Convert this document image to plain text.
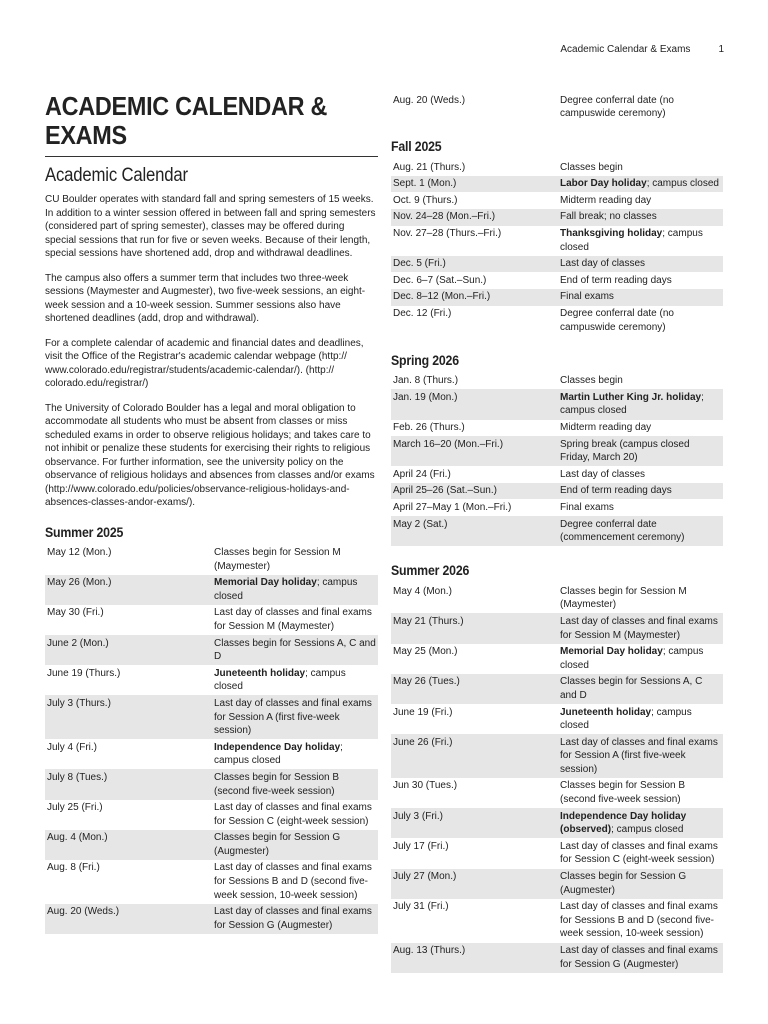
Academic Calendar & Exams	1
ACADEMIC CALENDAR &
EXAMS
Academic Calendar

CU Boulder operates with standard fall and spring semesters of 15 weeks. In addition to a winter session offered in between fall and spring semesters (considered part of spring semester), classes may be offered during special sessions that run for five or seven weeks. Because of their length, special sessions have shortened add, drop and withdrawal deadlines.

The campus also offers a summer term that includes two three-week sessions (Maymester and Augmester), two five-week sessions, an eight-week session and a 10-week session. Summer sessions also have shortened deadlines (add, drop and withdrawal).

For a complete calendar of academic and financial dates and deadlines, visit the Office of the Registrar's academic calendar webpage (http:// www.colorado.edu/registrar/students/academic-calendar/). (http:// colorado.edu/registrar/)

The University of Colorado Boulder has a legal and moral obligation to accommodate all students who must be absent from classes or miss scheduled exams in order to observe religious holidays; and takes care to not inhibit or penalize these students for exercising their rights to religious observance. For further information, see the university policy on the observance of religious holidays and absences from classes and/or exams (http://www.colorado.edu/policies/observance-religious-holidays-and-absences-classes-andor-exams/).

Summer 2025
May 12 (Mon.)	Classes begin for Session M (Maymester)
May 26 (Mon.)	Memorial Day holiday; campus closed
May 30 (Fri.)	Last day of classes and final exams for Session M (Maymester)
June 2 (Mon.)	Classes begin for Sessions A, C and D
June 19 (Thurs.)	Juneteenth holiday; campus closed
July 3 (Thurs.)	Last day of classes and final exams for Session A (first five-week session)
July 4 (Fri.)	Independence Day holiday; campus closed
July 8 (Tues.)	Classes begin for Session B (second five-week session)
July 25 (Fri.)	Last day of classes and final exams for Session C (eight-week session)
Aug. 4 (Mon.)	Classes begin for Session G (Augmester)
Aug. 8 (Fri.)	Last day of classes and final exams for Sessions B and D (second five-week session, 10-week session)
Aug. 20 (Weds.)	Last day of classes and final exams for Session G (Augmester)
Aug. 20 (Weds.)	Degree conferral date (no campuswide ceremony)
Fall 2025
Aug. 21 (Thurs.)	Classes begin
Sept. 1 (Mon.)	Labor Day holiday; campus closed
Oct. 9 (Thurs.)	Midterm reading day
Nov. 24–28 (Mon.–Fri.)	Fall break; no classes
Nov. 27–28 (Thurs.–Fri.)	Thanksgiving holiday; campus closed
Dec. 5 (Fri.)	Last day of classes
Dec. 6–7 (Sat.–Sun.)	End of term reading days
Dec. 8–12 (Mon.–Fri.)	Final exams
Dec. 12 (Fri.)	Degree conferral date (no campuswide ceremony)
Spring 2026
Jan. 8 (Thurs.)	Classes begin
Jan. 19 (Mon.)	Martin Luther King Jr. holiday; campus closed
Feb. 26 (Thurs.)	Midterm reading day
March 16–20 (Mon.–Fri.)	Spring break (campus closed Friday, March 20)
April 24 (Fri.)	Last day of classes
April 25–26 (Sat.–Sun.)	End of term reading days
April 27–May 1 (Mon.–Fri.)	Final exams
May 2 (Sat.)	Degree conferral date (commencement ceremony)
Summer 2026
May 4 (Mon.)	Classes begin for Session M (Maymester)
May 21 (Thurs.)	Last day of classes and final exams for Session M (Maymester)
May 25 (Mon.)	Memorial Day holiday; campus closed
May 26 (Tues.)	Classes begin for Sessions A, C and D
June 19 (Fri.)	Juneteenth holiday; campus closed
June 26 (Fri.)	Last day of classes and final exams for Session A (first five-week session)
Jun 30 (Tues.)	Classes begin for Session B (second five-week session)
July 3 (Fri.)	Independence Day holiday (observed); campus closed
July 17 (Fri.)	Last day of classes and final exams for Session C (eight-week session)
July 27 (Mon.)	Classes begin for Session G (Augmester)
July 31 (Fri.)	Last day of classes and final exams for Sessions B and D (second five-week session, 10-week session)
Aug. 13 (Thurs.)	Last day of classes and final exams for Session G (Augmester)
